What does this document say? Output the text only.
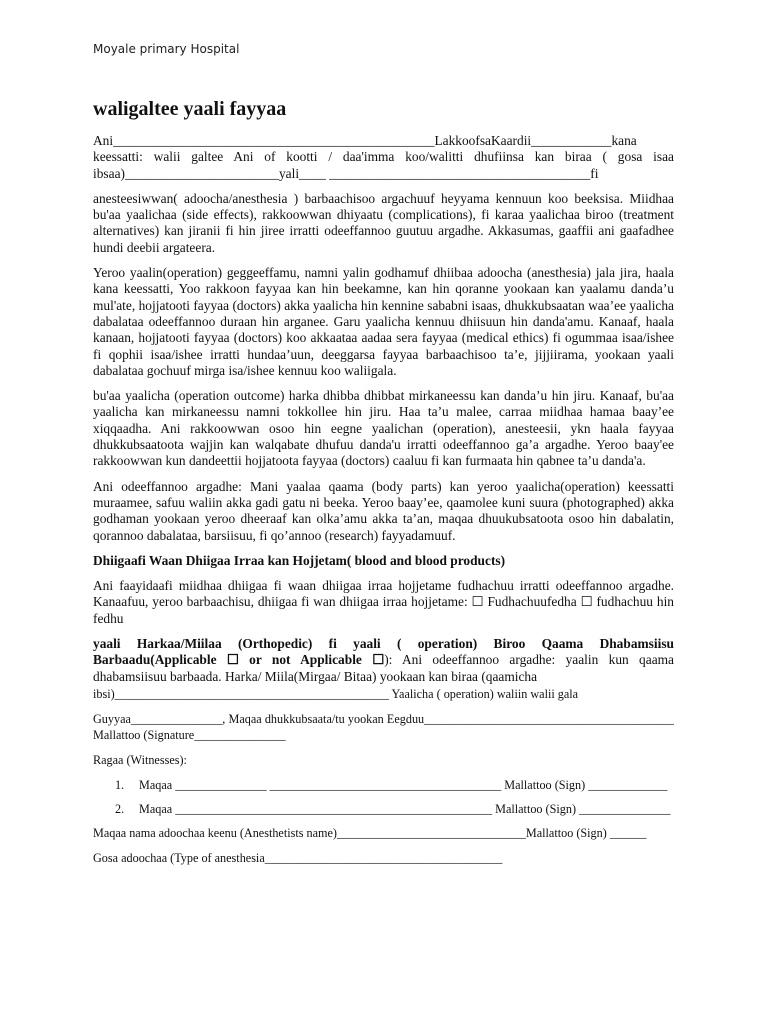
Moyale primary Hospital
waligaltee yaali fayyaa

Ani________________________________________________LakkoofsaKaardii____________kana keessatti: walii galtee Ani of kootti / daa'imma koo/walitti dhufiinsa kan biraa ( gosa isaa ibsaa)_______________________yali____ _______________________________________fi

anesteesiwwan( adoocha/anesthesia ) barbaachisoo argachuuf heyyama kennuun koo beeksisa. Miidhaa bu'aa yaalichaa (side effects), rakkoowwan dhiyaatu (complications), fi karaa yaalichaa biroo (treatment alternatives) kan jiranii fi hin jiree irratti odeeffannoo guutuu argadhe. Akkasumas, gaaffii ani gaafadhee hundi deebii argateera.

Yeroo yaalin(operation) geggeeffamu, namni yalin godhamuf dhiibaa adoocha (anesthesia) jala jira, haala kana keessatti, Yoo rakkoon fayyaa kan hin beekamne, kan hin qoranne yookaan kan yaalamu danda’u mul'ate, hojjatooti fayyaa (doctors) akka yaalicha hin kennine sababni isaas, dhukkubsaatan waa’ee yaalicha dabalataa odeeffannoo duraan hin arganee. Garu yaalicha kennuu dhiisuun hin danda'amu. Kanaaf, haala kanaan, hojjatooti fayyaa (doctors) koo akkaataa aadaa sera fayyaa (medical ethics) fi ogummaa isaa/ishee fi qophii isaa/ishee irratti hundaa’uun, deeggarsa fayyaa barbaachisoo ta’e, jijjiirama, yookaan yaali dabalataa gochuuf mirga isa/ishee kennuu koo waliigala.

bu'aa yaalicha (operation outcome) harka dhibba dhibbat mirkaneessu kan danda’u hin jiru. Kanaaf, bu'aa yaalicha kan mirkaneessu namni tokkollee hin jiru. Haa ta’u malee, carraa miidhaa hamaa baay’ee xiqqaadha. Ani rakkoowwan osoo hin eegne yaalichan (operation), anesteesii, ykn haala fayyaa dhukkubsaatoota wajjin kan walqabate dhufuu danda'u irratti odeeffannoo ga’a argadhe. Yeroo baay'ee rakkoowwan kun dandeettii hojjatoota fayyaa (doctors) caaluu fi kan furmaata hin qabnee ta’u danda'a.

Ani odeeffannoo argadhe: Mani yaalaa qaama (body parts) kan yeroo yaalicha(operation) keessatti muraamee, safuu waliin akka gadi gatu ni beeka. Yeroo baay’ee, qaamolee kuni suura (photographed) akka godhaman yookaan yeroo dheeraaf kan olka’amu akka ta’an, maqaa dhuukubsatoota osoo hin dabalatin, qorannoo dabalataa, barsiisuu, fi qo’annoo (research) fayyadamuuf.

Dhiigaafi Waan Dhiigaa Irraa kan Hojjetam( blood and blood products)

Ani faayidaafi miidhaa dhiigaa fi waan dhiigaa irraa hojjetame fudhachuu irratti odeeffannoo argadhe. Kanaafuu, yeroo barbaachisu, dhiigaa fi wan dhiigaa irraa hojjetame: ☐ Fudhachuufedha ☐ fudhachuu hin fedhu

yaali Harkaa/Miilaa (Orthopedic) fi yaali ( operation) Biroo Qaama Dhabamsiisu Barbaadu(Applicable ☐ or not Applicable ☐): Ani odeeffannoo argadhe: yaalin kun qaama dhabamsiisuu barbaada. Harka/ Miila(Mirgaa/ Bitaa) yookaan kan biraa (qaamicha

ibsi)_____________________________________________ Yaalicha ( operation) waliin walii gala

Guyyaa_______________, Maqaa dhukkubsaata/tu yookan Eegduu_________________________________________ Mallattoo (Signature_______________

Ragaa (Witnesses):

1.	Maqaa _______________ ______________________________________ Mallattoo (Sign) _____________
2.	Maqaa ____________________________________________________ Mallattoo (Sign) _______________

Maqaa nama adoochaa keenu (Anesthetists name)_______________________________Mallattoo (Sign) ______

Gosa adoochaa (Type of anesthesia_______________________________________
